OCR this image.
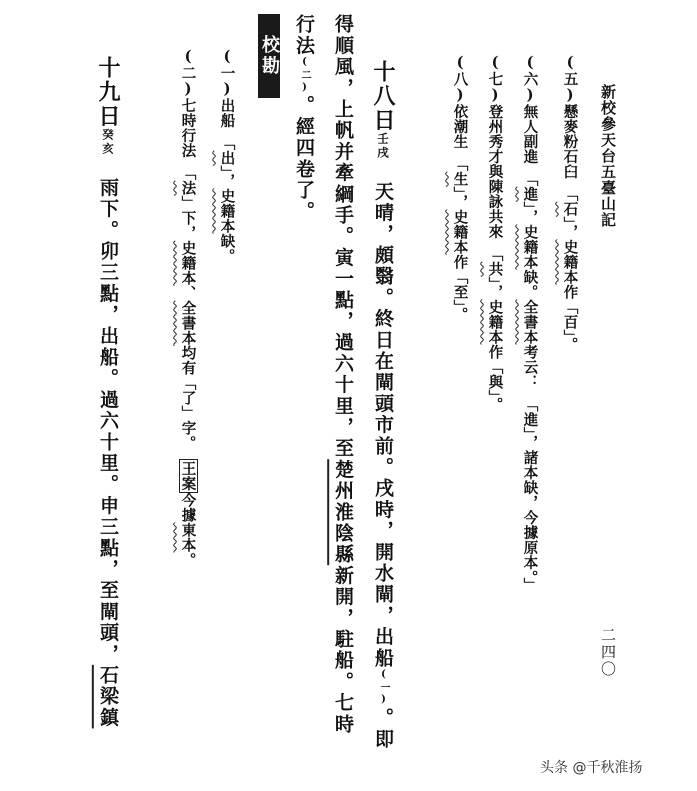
新校參天台五臺山記
二四〇
(五)懸麥粉石臼　「石」，史籍本作「百」。
(六)無人副進　「進」，史籍本缺。全書本考云：　「進」，諸本缺，今據原本。」
(七)登州秀才與陳詠共來　「共」，史籍本作「與」。
(八)依潮生　「生」，史籍本作「至」。
十八日壬戌　天晴，頗翳。終日在閘頭市前。戌時，開水閘，出船(一)。即
得順風，上帆并牽綱手。寅一點，過六十里，至楚州淮陰縣新開，駐船。七時
行法(二)。經四卷了。
校勘
(一)出船　「出」，史籍本缺。
(二)七時行法　「法」下，史籍本、全書本均有「了」字。　王案今據東本。
十九日癸亥　雨下。卯三點，出船。過六十里。申三點，至閘頭，石梁鎮
头条 @千秋淮扬
